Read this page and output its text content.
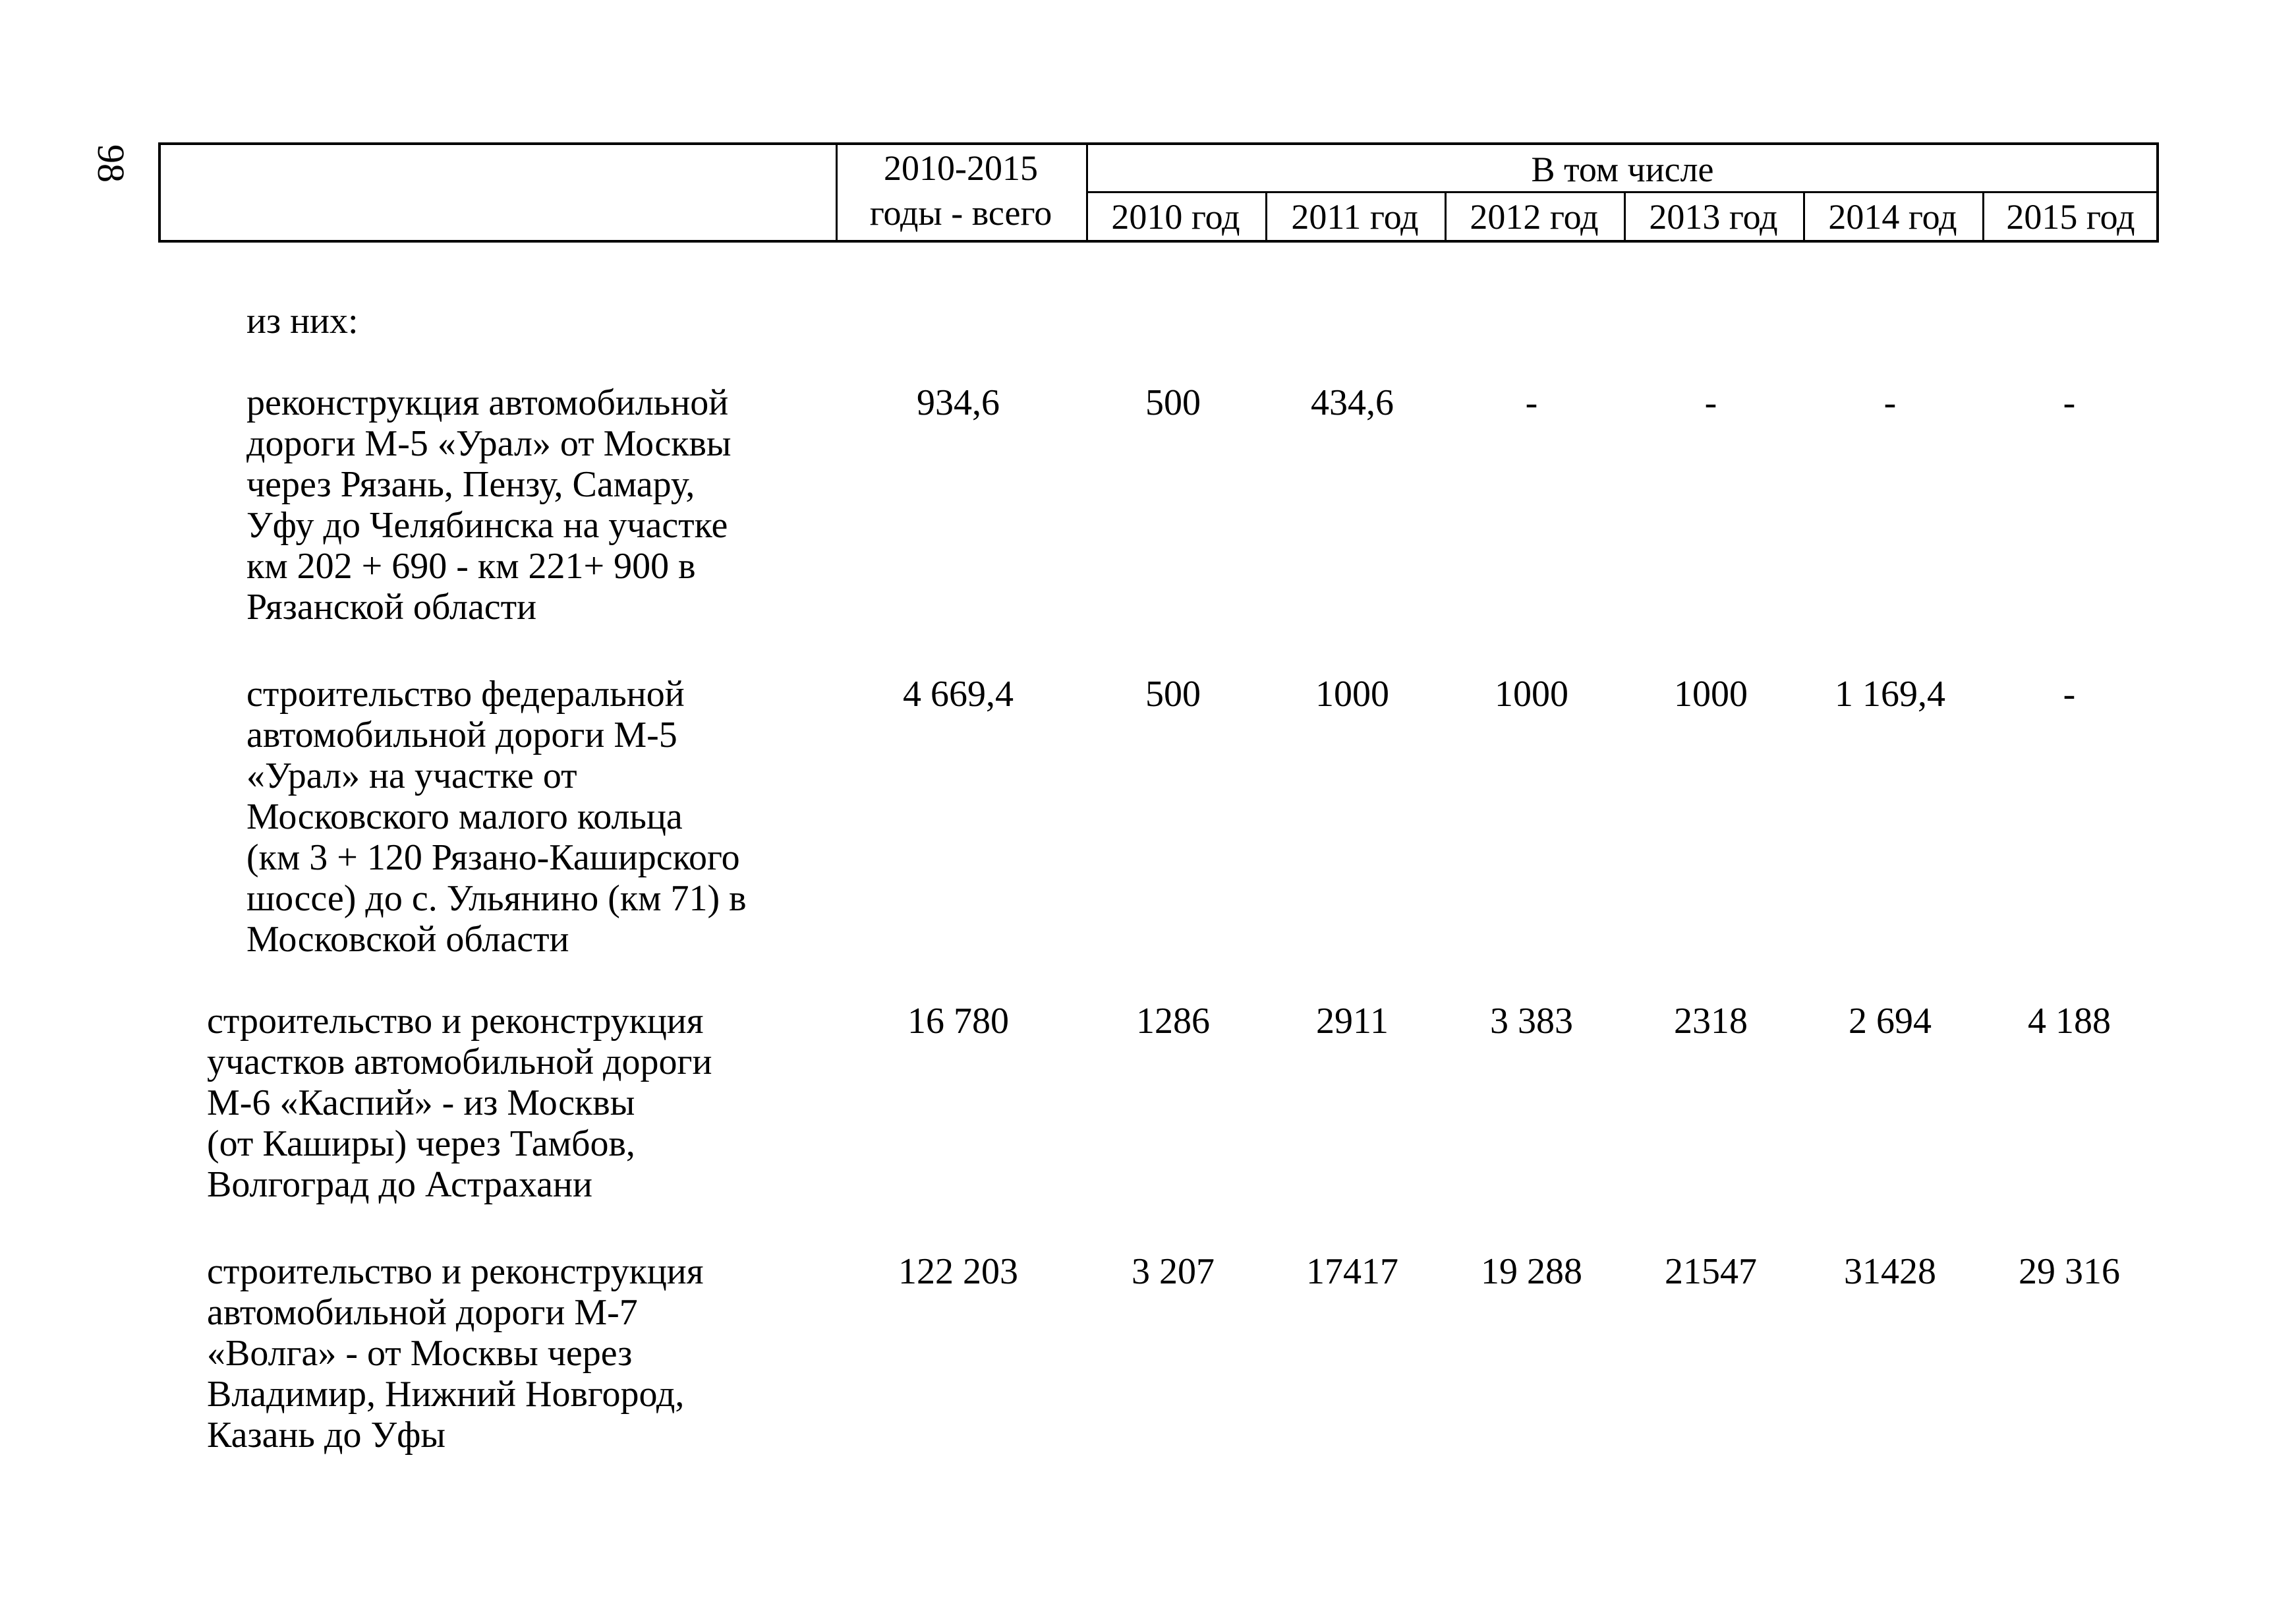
98	2010-2015
годы - всего
В том числе
2010 год	2011 год	2012 год	2013 год	2014 год	2015 год
из них:
реконструкция автомобильной
дороги М-5 «Урал» от Москвы
через Рязань, Пензу, Самару,
Уфу до Челябинска на участке
км 202 + 690 - км 221+ 900 в
Рязанской области
934,6	500	434,6	-	-	-	-
строительство федеральной
автомобильной дороги М-5
«Урал» на участке от
Московского малого кольца
(км 3 + 120 Рязано-Каширского
шоссе) до с. Ульянино (км 71) в
Московской области
4 669,4	500	1000	1000	1000	1 169,4	-
строительство и реконструкция
участков автомобильной дороги
М-6 «Каспий» - из Москвы
(от Каширы) через Тамбов,
Волгоград до Астрахани
16 780	1286	2911	3 383	2318	2 694	4 188
строительство и реконструкция
автомобильной дороги М-7
«Волга» - от Москвы через
Владимир, Нижний Новгород,
Казань до Уфы
122 203	3 207	17417	19 288	21547	31428	29 316
